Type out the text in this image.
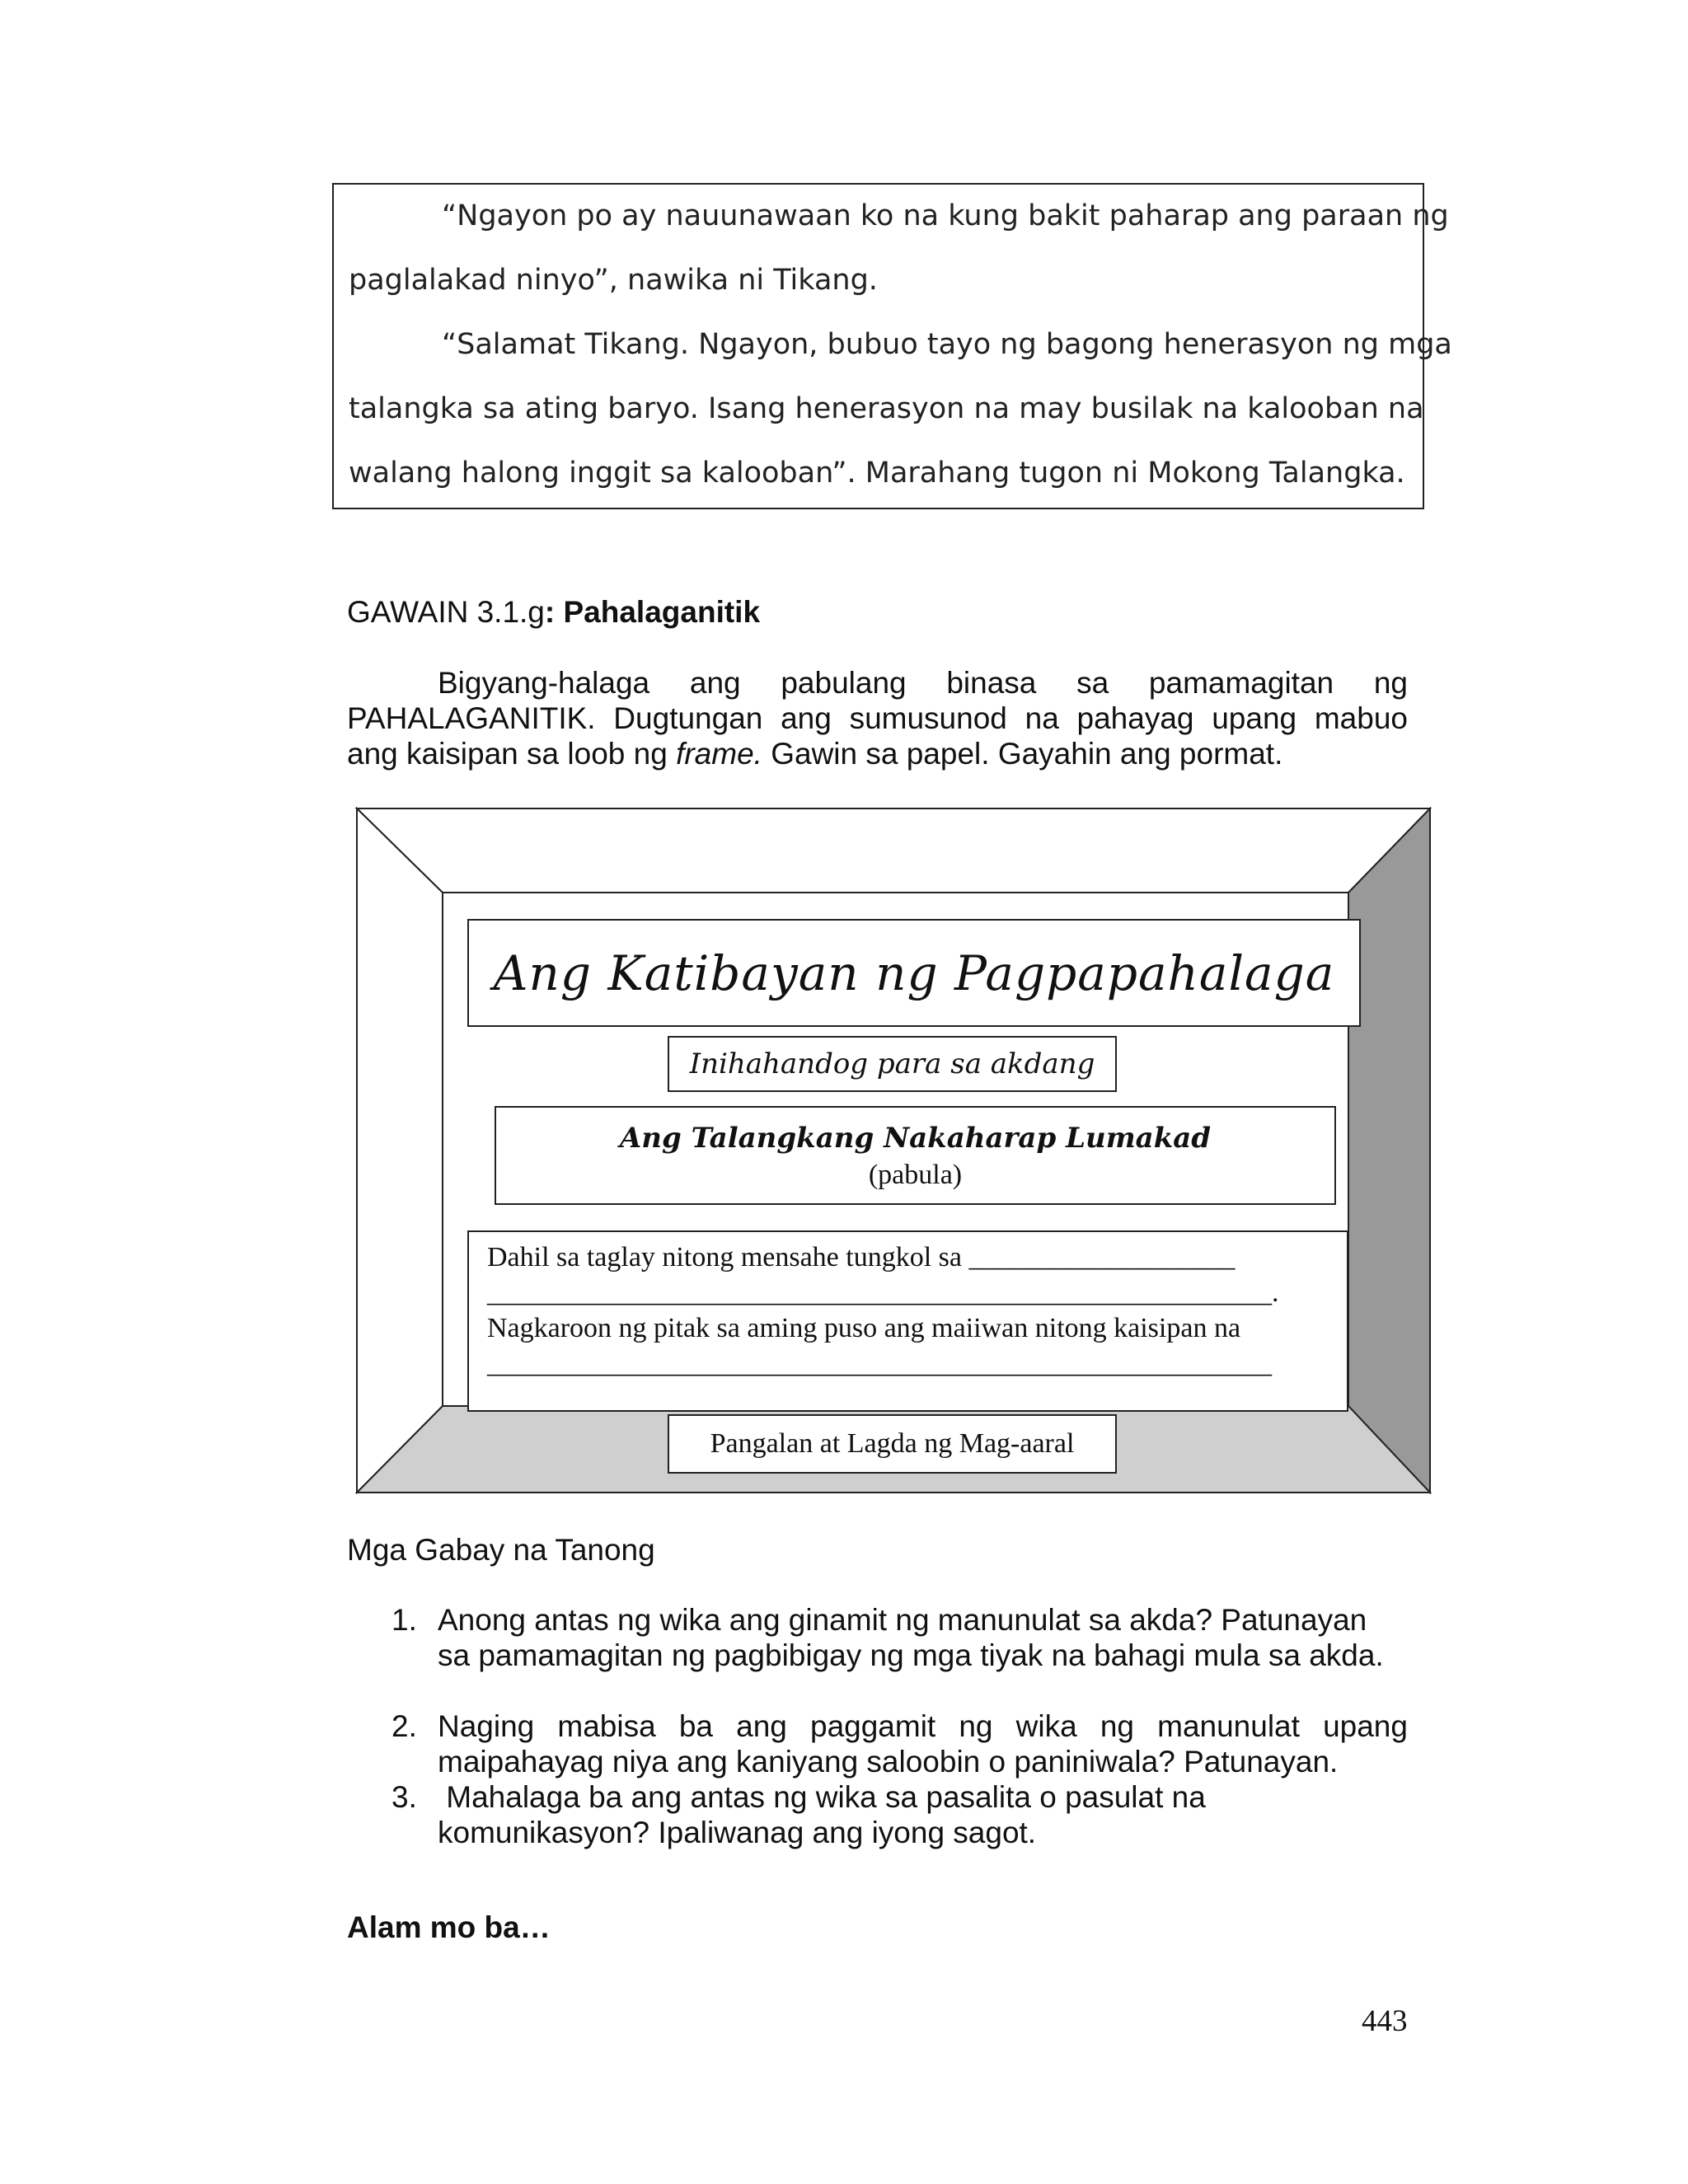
“Ngayon po ay nauunawaan ko na kung bakit paharap ang paraan ng
paglalakad ninyo”, nawika ni Tikang.
“Salamat Tikang. Ngayon, bubuo tayo ng bagong henerasyon ng mga
talangka sa ating baryo. Isang henerasyon na may busilak na kalooban na
walang halong inggit sa kalooban”. Marahang tugon ni Mokong Talangka.
GAWAIN 3.1.g: Pahalaganitik
Bigyang-halaga ang pabulang binasa sa pamamagitan ng
PAHALAGANITIK. Dugtungan ang sumusunod na pahayag upang mabuo
ang kaisipan sa loob ng frame. Gawin sa papel. Gayahin ang pormat.
Ang Katibayan ng Pagpapahalaga
Inihahandog para sa akdang
Ang Talangkang Nakaharap Lumakad
(pabula)
Dahil sa taglay nitong mensahe tungkol sa ___________________
________________________________________________________.
Nagkaroon ng pitak sa aming puso ang maiiwan nitong kaisipan na
________________________________________________________
Pangalan at Lagda ng Mag-aaral
Mga Gabay na Tanong
1. Anong antas ng wika ang ginamit ng manunulat sa akda? Patunayan
sa pamamagitan ng pagbibigay ng mga tiyak na bahagi mula sa akda.
2. Naging mabisa ba ang paggamit ng wika ng manunulat upang
maipahayag niya ang kaniyang saloobin o paniniwala? Patunayan.
3. Mahalaga ba ang antas ng wika sa pasalita o pasulat na
komunikasyon? Ipaliwanag ang iyong sagot.
Alam mo ba…
443
